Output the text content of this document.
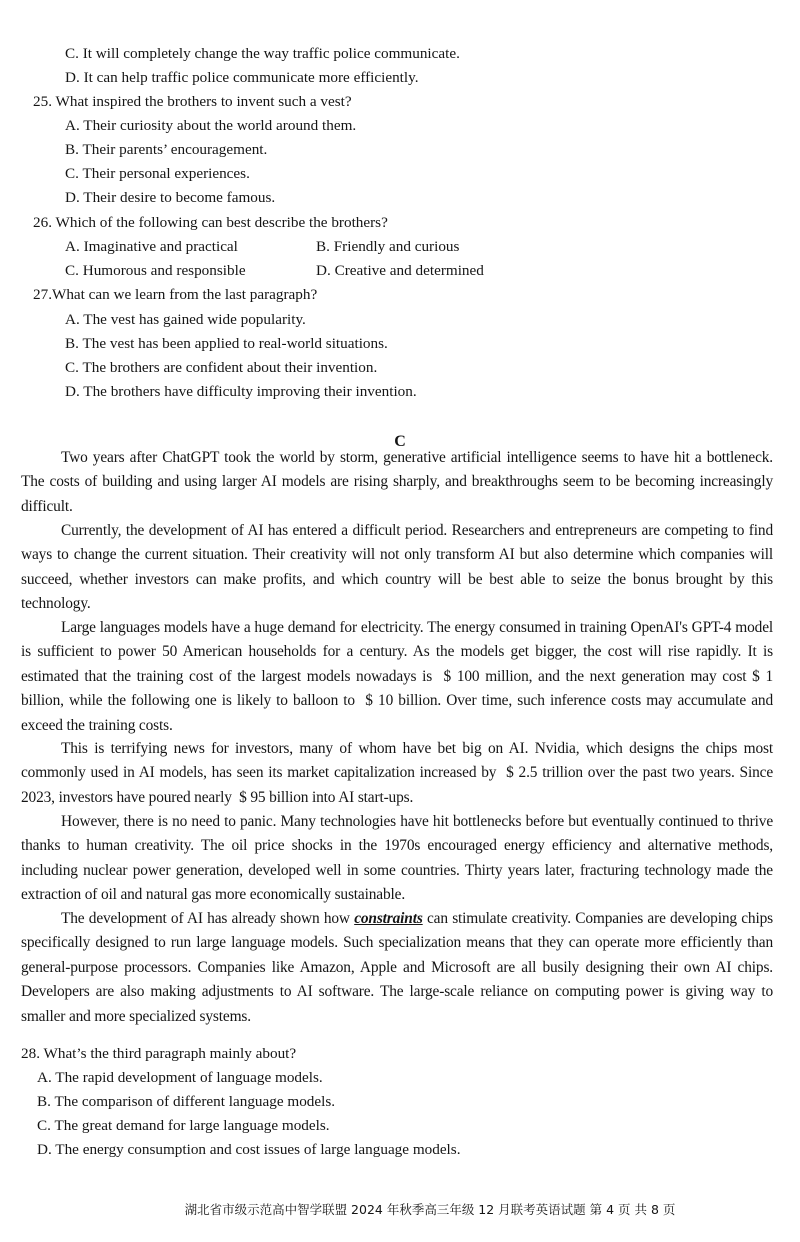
C. It will completely change the way traffic police communicate.
D. It can help traffic police communicate more efficiently.
25. What inspired the brothers to invent such a vest?
A. Their curiosity about the world around them.
B. Their parents’ encouragement.
C. Their personal experiences.
D. Their desire to become famous.
26. Which of the following can best describe the brothers?
A. Imaginative and practical	B. Friendly and curious
C. Humorous and responsible	D. Creative and determined
27.What can we learn from the last paragraph?
A. The vest has gained wide popularity.
B. The vest has been applied to real-world situations.
C. The brothers are confident about their invention.
D. The brothers have difficulty improving their invention.
C

Two years after ChatGPT took the world by storm, generative artificial intelligence seems to have hit a bottleneck. The costs of building and using larger AI models are rising sharply, and breakthroughs seem to be becoming increasingly difficult.

Currently, the development of AI has entered a difficult period. Researchers and entrepreneurs are competing to find ways to change the current situation. Their creativity will not only transform AI but also determine which companies will succeed, whether investors can make profits, and which country will be best able to seize the bonus brought by this technology.

Large languages models have a huge demand for electricity. The energy consumed in training OpenAI's GPT-4 model is sufficient to power 50 American households for a century. As the models get bigger, the cost will rise rapidly. It is estimated that the training cost of the largest models nowadays is  $ 100 million, and the next generation may cost $ 1 billion, while the following one is likely to balloon to  $ 10 billion. Over time, such inference costs may accumulate and exceed the training costs.

This is terrifying news for investors, many of whom have bet big on AI. Nvidia, which designs the chips most commonly used in AI models, has seen its market capitalization increased by  $ 2.5 trillion over the past two years. Since 2023, investors have poured nearly  $ 95 billion into AI start-ups.

However, there is no need to panic. Many technologies have hit bottlenecks before but eventually continued to thrive thanks to human creativity. The oil price shocks in the 1970s encouraged energy efficiency and alternative methods, including nuclear power generation, developed well in some countries. Thirty years later, fracturing technology made the extraction of oil and natural gas more economically sustainable.

The development of AI has already shown how constraints can stimulate creativity. Companies are developing chips specifically designed to run large language models. Such specialization means that they can operate more efficiently than general-purpose processors. Companies like Amazon, Apple and Microsoft are all busily designing their own AI chips. Developers are also making adjustments to AI software. The large-scale reliance on computing power is giving way to smaller and more specialized systems.

28. What’s the third paragraph mainly about?
A. The rapid development of language models.
B. The comparison of different language models.
C. The great demand for large language models.
D. The energy consumption and cost issues of large language models.
湖北省市级示范高中智学联盟 2024 年秋季高三年级 12 月联考英语试题 第 4 页 共 8 页
